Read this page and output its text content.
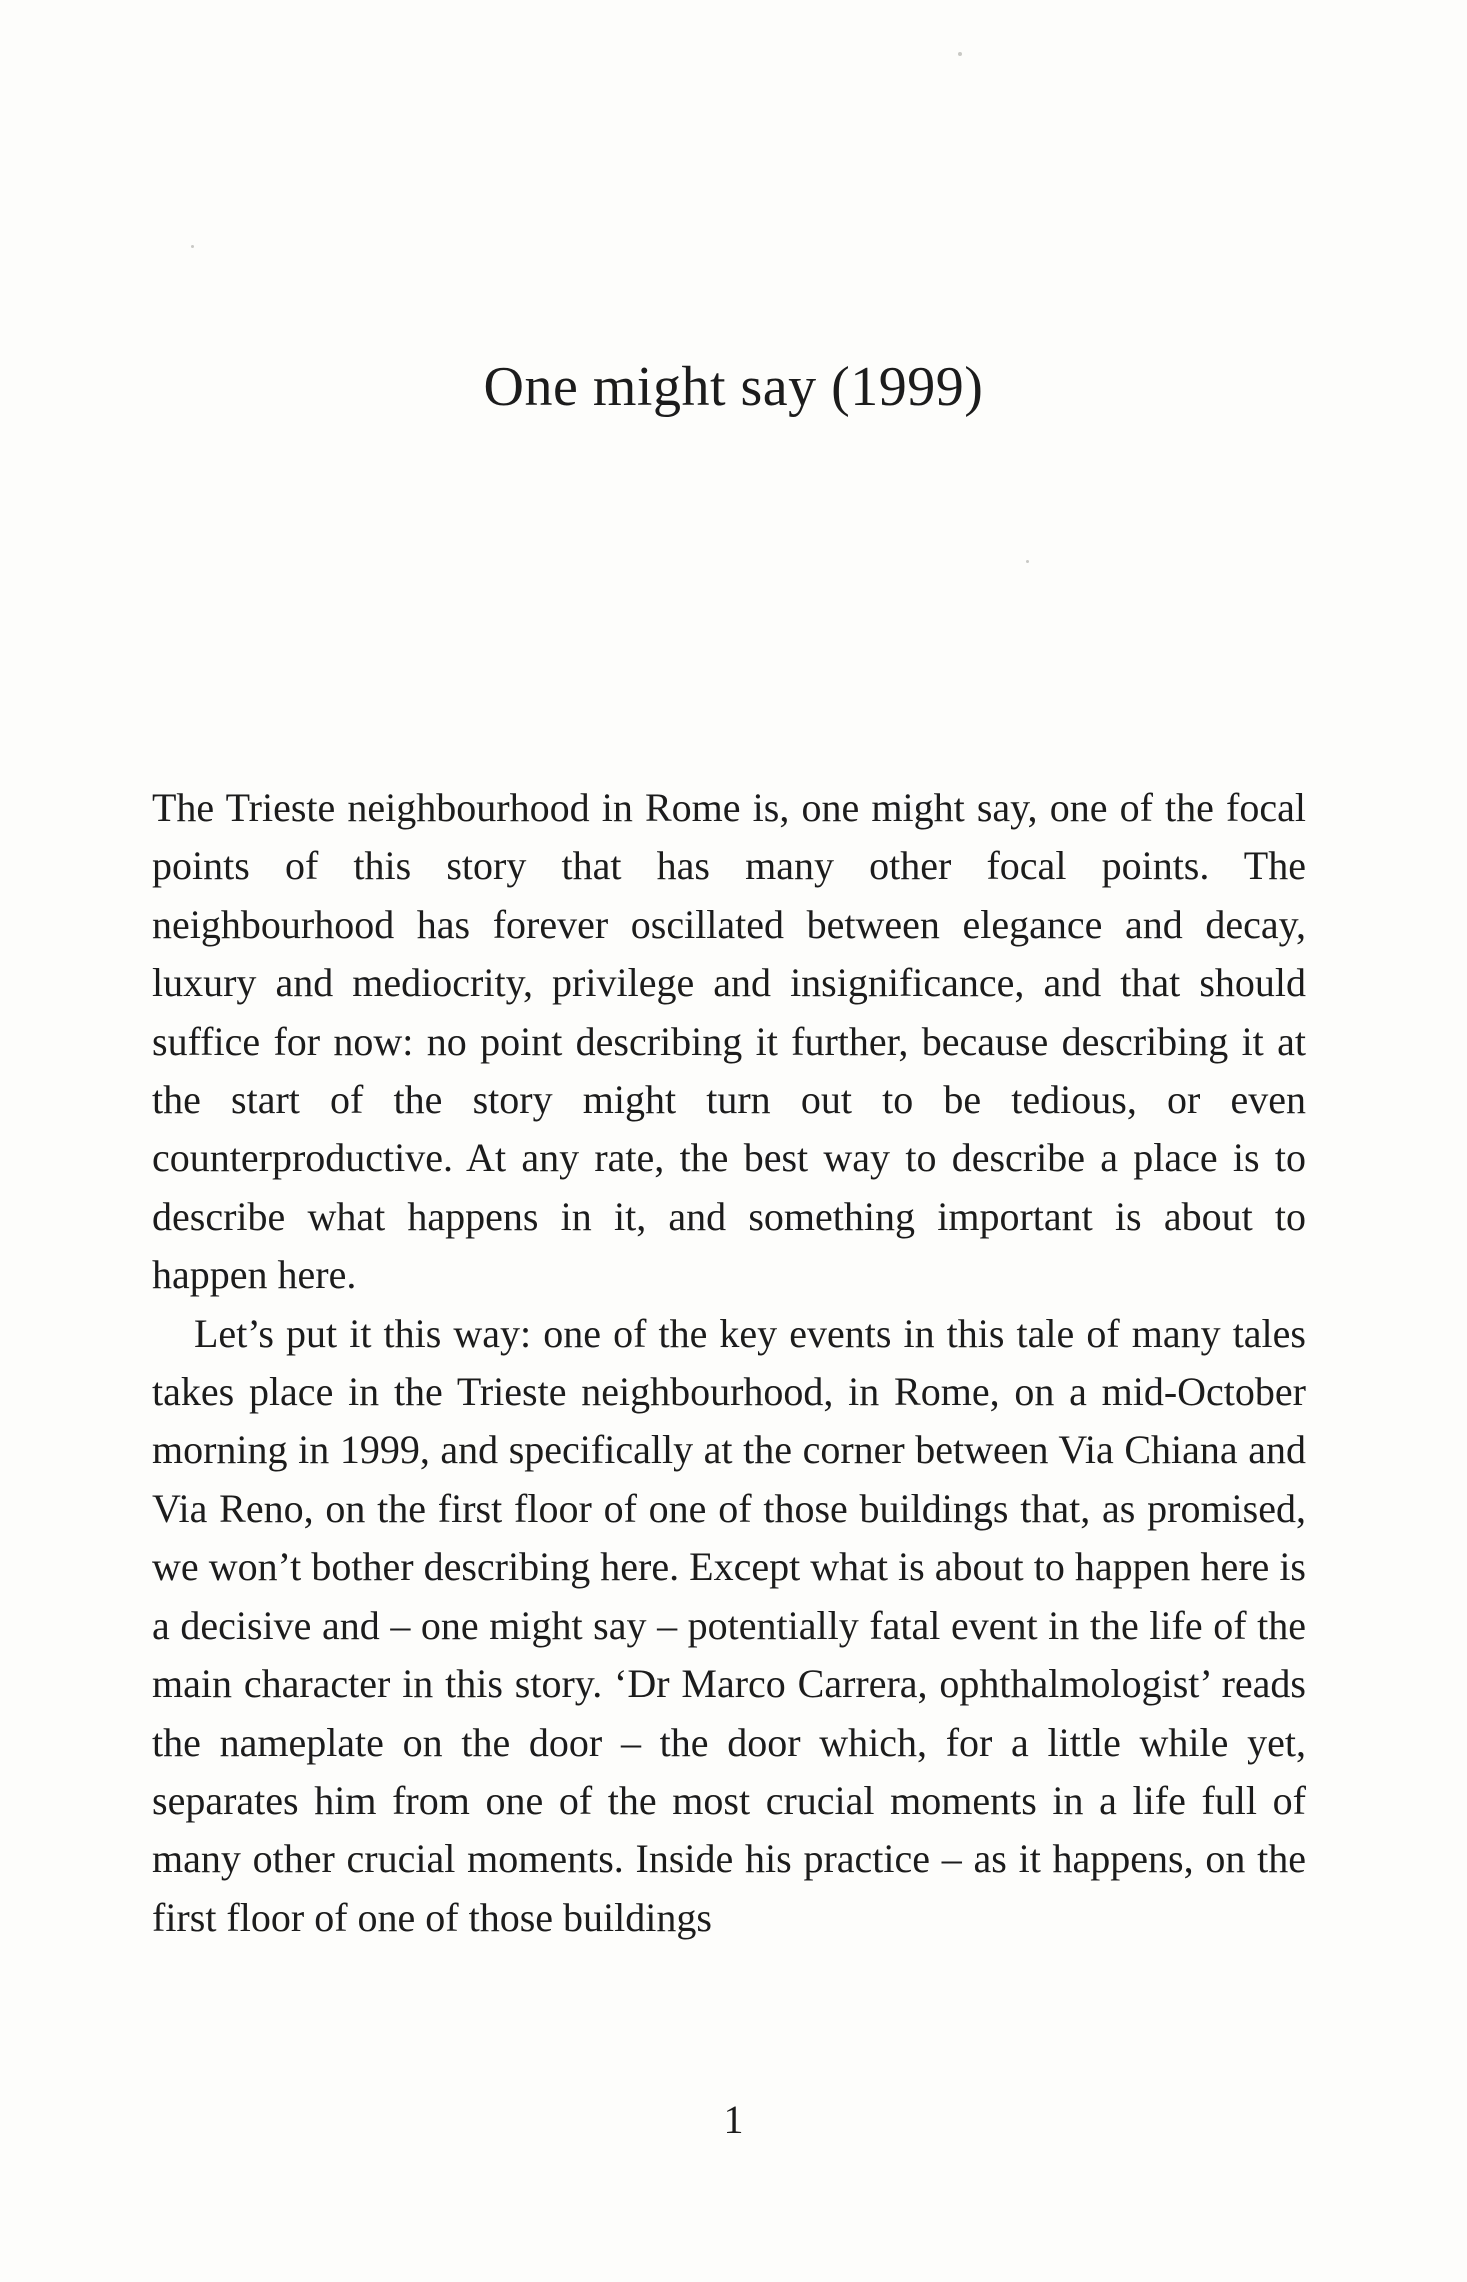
One might say (1999)

The Trieste neighbourhood in Rome is, one might say, one of the focal points of this story that has many other focal points. The neighbourhood has forever oscillated between elegance and decay, luxury and mediocrity, privilege and insignificance, and that should suffice for now: no point describing it further, because describing it at the start of the story might turn out to be tedious, or even counterproductive. At any rate, the best way to describe a place is to describe what happens in it, and something important is about to happen here.

Let’s put it this way: one of the key events in this tale of many tales takes place in the Trieste neighbourhood, in Rome, on a mid-October morning in 1999, and specifically at the corner between Via Chiana and Via Reno, on the first floor of one of those buildings that, as promised, we won’t bother describing here. Except what is about to happen here is a decisive and – one might say – potentially fatal event in the life of the main character in this story. ‘Dr Marco Carrera, ophthalmologist’ reads the nameplate on the door – the door which, for a little while yet, separates him from one of the most crucial moments in a life full of many other crucial moments. Inside his practice – as it happens, on the first floor of one of those buildings

1
